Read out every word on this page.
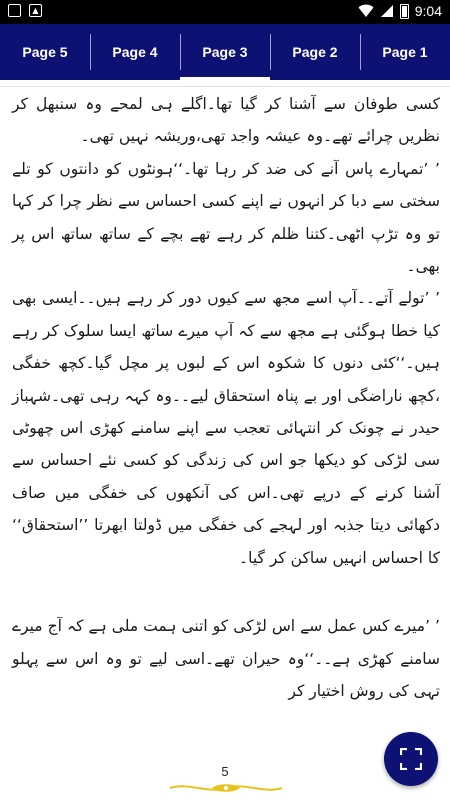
▲	9:04
Page 5	Page 4	Page 3	Page 2	Page 1

کسی طوفان سے آشنا کر گیا تھا۔اگلے ہی لمحے وہ سنبھل کر نظریں چرائے تھے۔وہ عیشہ واجد تھی،وریشہ نہیں تھی۔

’ ’تمہارے پاس آنے کی ضد کر رہا تھا۔‘‘ہونٹوں کو دانتوں کو تلے سختی سے دبا کر انہوں نے اپنے کسی احساس سے نظر چرا کر کہا تو وہ تڑپ اٹھی۔کتنا ظلم کر رہے تھے بچے کے ساتھ ساتھ اس پر بھی۔

’ ’تولے آتے۔۔آپ اسے مجھ سے کیوں دور کر رہے ہیں۔۔ایسی بھی کیا خطا ہوگئی ہے مجھ سے کہ آپ میرے ساتھ ایسا سلوک کر رہے ہیں۔‘‘کئی دنوں کا شکوہ اس کے لبوں پر مچل گیا۔کچھ خفگی ،کچھ ناراضگی اور بے پناہ استحقاق لیے۔۔وہ کہہ رہی تھی۔شہباز حیدر نے چونک کر انتہائی تعجب سے اپنے سامنے کھڑی اس چھوٹی سی لڑکی کو دیکھا جو اس کی زندگی کو کسی نئے احساس سے آشنا کرنے کے درپے تھی۔اس کی آنکھوں کی خفگی میں صاف دکھائی دیتا جذبہ اور لہجے کی خفگی میں ڈولتا ابھرتا ’’استحقاق‘‘ کا احساس انہیں ساکن کر گیا۔

’ ’میرے کس عمل سے اس لڑکی کو اتنی ہمت ملی ہے کہ آج میرے سامنے کھڑی ہے۔۔‘‘وہ حیران تھے۔اسی لیے تو وہ اس سے پہلو تہی کی روش اختیار کر

5
